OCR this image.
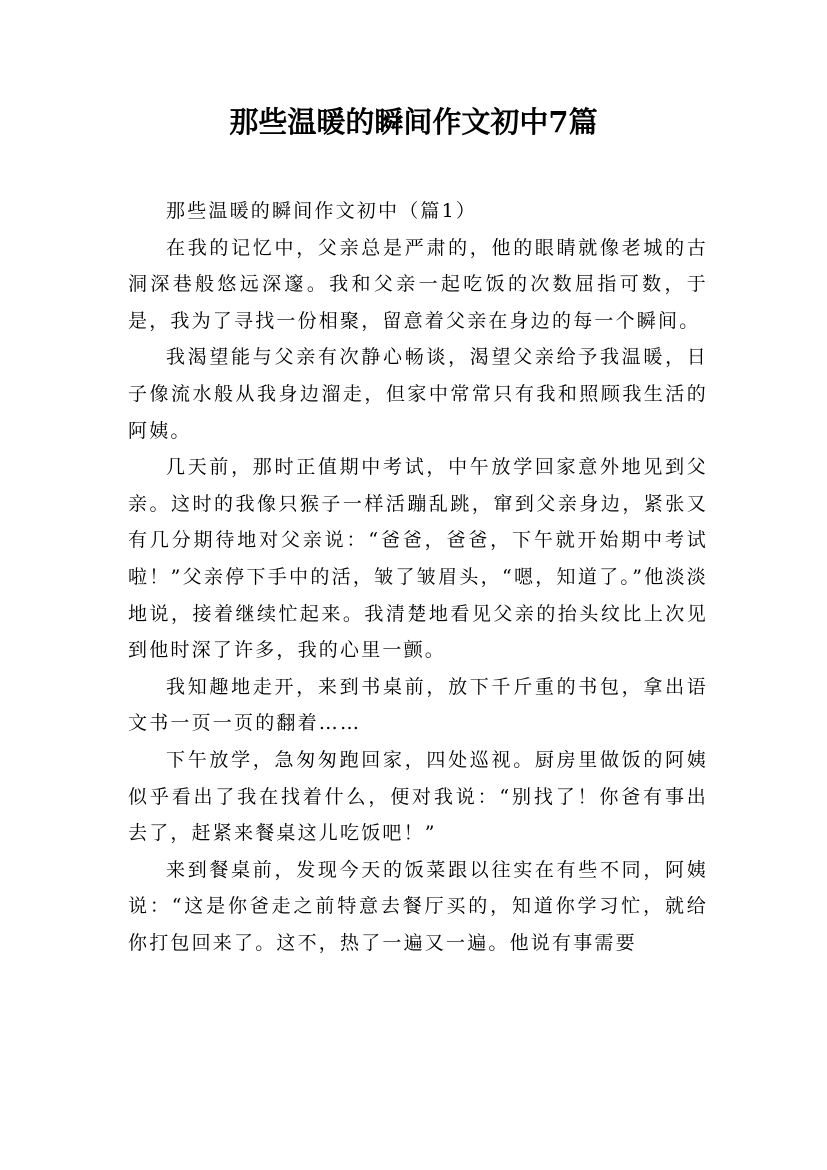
那些温暖的瞬间作文初中7篇

那些温暖的瞬间作文初中（篇1）

在我的记忆中，父亲总是严肃的，他的眼睛就像老城的古洞深巷般悠远深邃。我和父亲一起吃饭的次数屈指可数，于是，我为了寻找一份相聚，留意着父亲在身边的每一个瞬间。

我渴望能与父亲有次静心畅谈，渴望父亲给予我温暖，日子像流水般从我身边溜走，但家中常常只有我和照顾我生活的阿姨。

几天前，那时正值期中考试，中午放学回家意外地见到父亲。这时的我像只猴子一样活蹦乱跳，窜到父亲身边，紧张又有几分期待地对父亲说：“爸爸，爸爸，下午就开始期中考试啦！”父亲停下手中的活，皱了皱眉头，“嗯，知道了。”他淡淡地说，接着继续忙起来。我清楚地看见父亲的抬头纹比上次见到他时深了许多，我的心里一颤。

我知趣地走开，来到书桌前，放下千斤重的书包，拿出语文书一页一页的翻着……

下午放学，急匆匆跑回家，四处巡视。厨房里做饭的阿姨似乎看出了我在找着什么，便对我说：“别找了！你爸有事出去了，赶紧来餐桌这儿吃饭吧！”

来到餐桌前，发现今天的饭菜跟以往实在有些不同，阿姨说：“这是你爸走之前特意去餐厅买的，知道你学习忙，就给你打包回来了。这不，热了一遍又一遍。他说有事需要
